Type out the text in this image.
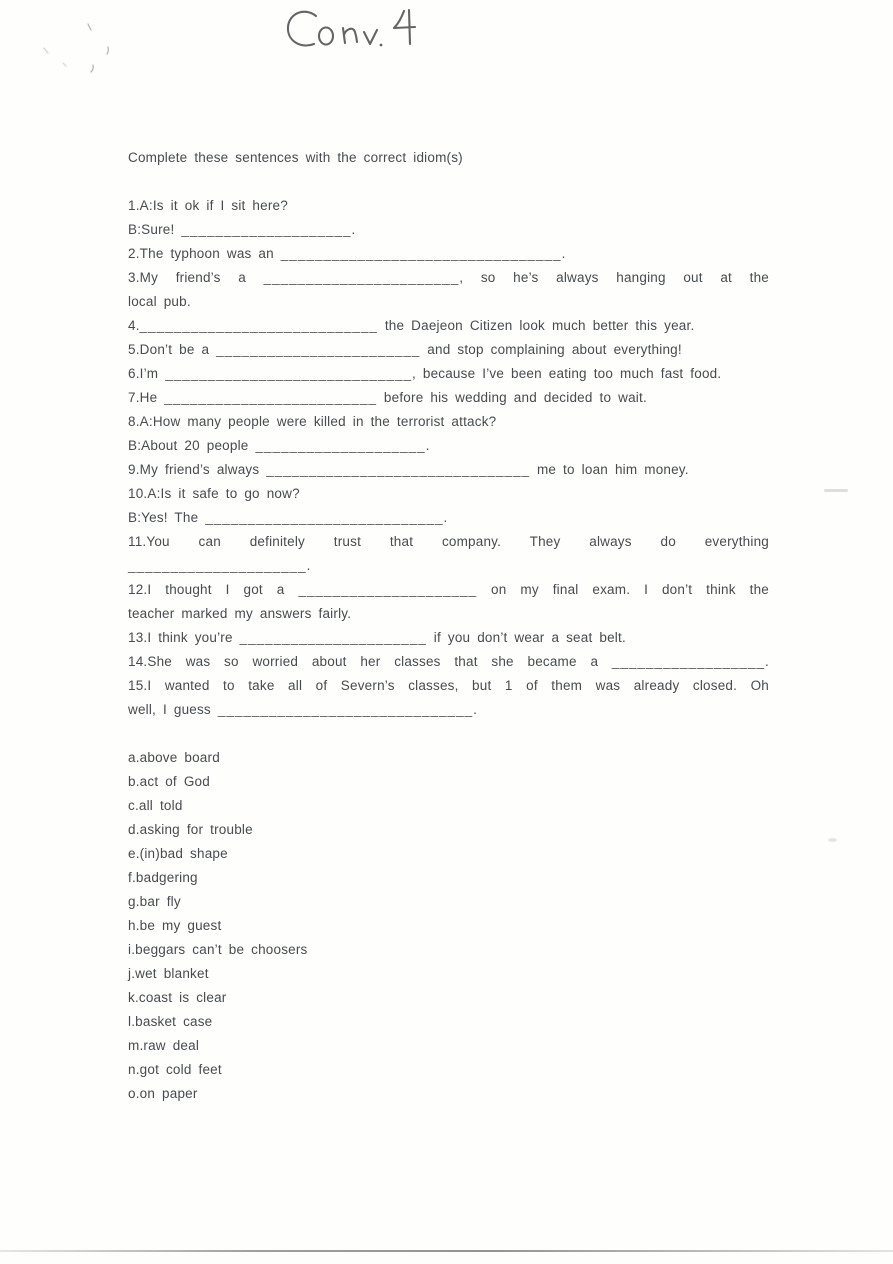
Complete these sentences with the correct idiom(s)

1.A:Is it ok if I sit here?
B:Sure! ____________________.
2.The typhoon was an _________________________________.
3.My friend’s a _______________________, so he’s always hanging out at the
local pub.
4.____________________________ the Daejeon Citizen look much better this year.
5.Don’t be a ________________________ and stop complaining about everything!
6.I’m _____________________________, because I’ve been eating too much fast food.
7.He _________________________ before his wedding and decided to wait.
8.A:How many people were killed in the terrorist attack?
B:About 20 people ____________________.
9.My friend’s always _______________________________ me to loan him money.
10.A:Is it safe to go now?
B:Yes! The ____________________________.
11.You can definitely trust that company. They always do everything
_____________________.
12.I thought I got a _____________________ on my final exam. I don’t think the
teacher marked my answers fairly.
13.I think you’re ______________________ if you don’t wear a seat belt.
14.She was so worried about her classes that she became a __________________.
15.I wanted to take all of Severn’s classes, but 1 of them was already closed. Oh
well, I guess ______________________________.
a.above board
b.act of God
c.all told
d.asking for trouble
e.(in)bad shape
f.badgering
g.bar fly
h.be my guest
i.beggars can’t be choosers
j.wet blanket
k.coast is clear
l.basket case
m.raw deal
n.got cold feet
o.on paper
